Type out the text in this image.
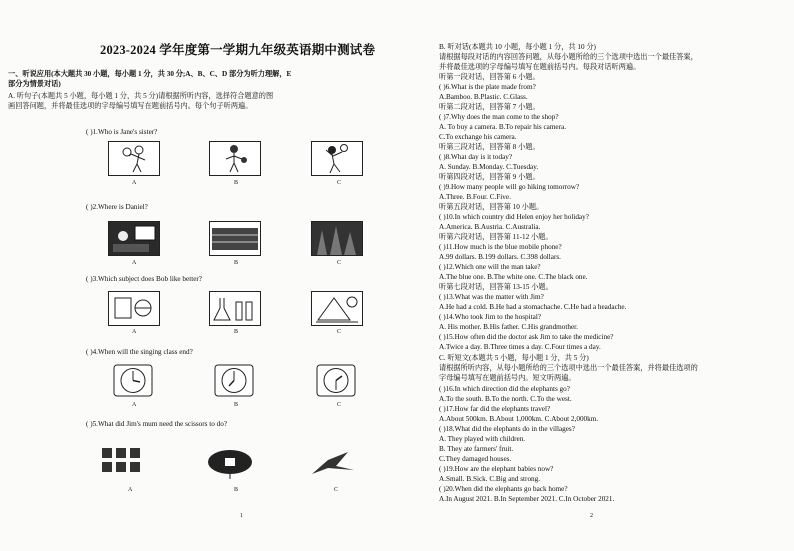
2023-2024 学年度第一学期九年级英语期中测试卷
一、听说应用(本大题共 30 小题，每小题 1 分，共 30 分;A、B、C、D 部分为听力理解，E
部分为情景对话)
A. 听句子(本题共 5 小题，每小题 1 分，共 5 分)请根据所听内容，选择符合题意的图
画回答问题，并将最佳选项的字母编号填写在题前括号内。每个句子听两遍。
( )1.Who is Jane's sister?
A	B	C
( )2.Where is Daniel?
A	B	C
( )3.Which subject does Bob like better?
A	B	C
( )4.When will the singing class end?
A	B	C
( )5.What did Jim's mum need the scissors to do?
A	B	C
1
B. 听对话(本题共 10 小题，每小题 1 分，共 10 分)
请根据每段对话的内容回答问题，从每小题所给的三个选项中选出一个最佳答案，
并将最佳选项的字母编号填写在题前括号内。每段对话听两遍。
听第一段对话，回答第 6 小题。
( )6.What is the plate made from?
A.Bamboo. B.Plastic. C.Glass.
听第二段对话，回答第 7 小题。
( )7.Why does the man come to the shop?
A. To buy a camera. B.To repair his camera.
C.To exchange his camera.
听第三段对话，回答第 8 小题。
( )8.What day is it today?
A. Sunday. B.Monday. C.Tuesday.
听第四段对话，回答第 9 小题。
( )9.How many people will go hiking tomorrow?
A.Three. B.Four. C.Five.
听第五段对话，回答第 10 小题。
( )10.In which country did Helen enjoy her holiday?
A.America. B.Austria. C.Australia.
听第六段对话，回答第 11-12 小题。
( )11.How much is the blue mobile phone?
A.99 dollars. B.199 dollars. C.398 dollars.
( )12.Which one will the man take?
A.The blue one. B.The white one. C.The black one.
听第七段对话，回答第 13-15 小题。
( )13.What was the matter with Jim?
A.He had a cold. B.He had a stomachache. C.He had a headache.
( )14.Who took Jim to the hospital?
A. His mother. B.His father. C.His grandmother.
( )15.How often did the doctor ask Jim to take the medicine?
A.Twice a day. B.Three times a day. C.Four times a day.
C. 听短文(本题共 5 小题，每小题 1 分，共 5 分)
请根据所听内容，从每小题所给的三个选项中选出一个最佳答案，并将最佳选项的
字母编号填写在题前括号内。短文听两遍。
( )16.In which direction did the elephants go?
A.To the south. B.To the north. C.To the west.
( )17.How far did the elephants travel?
A.About 500km. B.About 1,000km. C.About 2,000km.
( )18.What did the elephants do in the villages?
A. They played with children.
B. They ate farmers' fruit.
C.They damaged houses.
( )19.How are the elephant babies now?
A.Small. B.Sick. C.Big and strong.
( )20.When did the elephants go back home?
A.In August 2021. B.In September 2021. C.In October 2021.
2
